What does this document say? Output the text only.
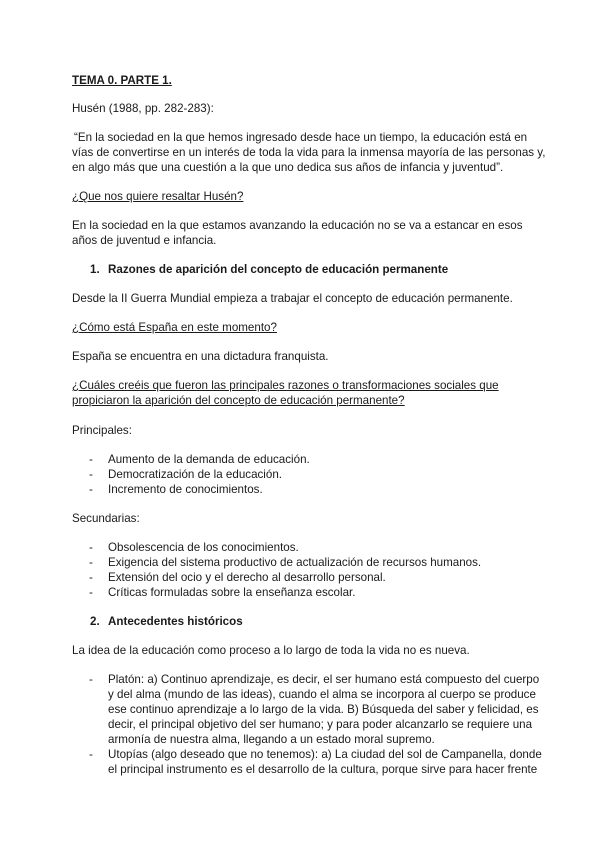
TEMA 0. PARTE 1.
Husén (1988, pp. 282-283):
“En la sociedad en la que hemos ingresado desde hace un tiempo, la educación está en
vías de convertirse en un interés de toda la vida para la inmensa mayoría de las personas y,
en algo más que una cuestión a la que uno dedica sus años de infancia y juventud”.
¿Que nos quiere resaltar Husén?
En la sociedad en la que estamos avanzando la educación no se va a estancar en esos
años de juventud e infancia.
1. Razones de aparición del concepto de educación permanente
Desde la II Guerra Mundial empieza a trabajar el concepto de educación permanente.
¿Cómo está España en este momento?
España se encuentra en una dictadura franquista.
¿Cuáles creéis que fueron las principales razones o transformaciones sociales que
propiciaron la aparición del concepto de educación permanente?
Principales:
- Aumento de la demanda de educación.
- Democratización de la educación.
- Incremento de conocimientos.
Secundarias:
- Obsolescencia de los conocimientos.
- Exigencia del sistema productivo de actualización de recursos humanos.
- Extensión del ocio y el derecho al desarrollo personal.
- Críticas formuladas sobre la enseñanza escolar.
2. Antecedentes históricos
La idea de la educación como proceso a lo largo de toda la vida no es nueva.
- Platón: a) Continuo aprendizaje, es decir, el ser humano está compuesto del cuerpo
y del alma (mundo de las ideas), cuando el alma se incorpora al cuerpo se produce
ese continuo aprendizaje a lo largo de la vida. B) Búsqueda del saber y felicidad, es
decir, el principal objetivo del ser humano; y para poder alcanzarlo se requiere una
armonía de nuestra alma, llegando a un estado moral supremo.
- Utopías (algo deseado que no tenemos): a) La ciudad del sol de Campanella, donde
el principal instrumento es el desarrollo de la cultura, porque sirve para hacer frente
